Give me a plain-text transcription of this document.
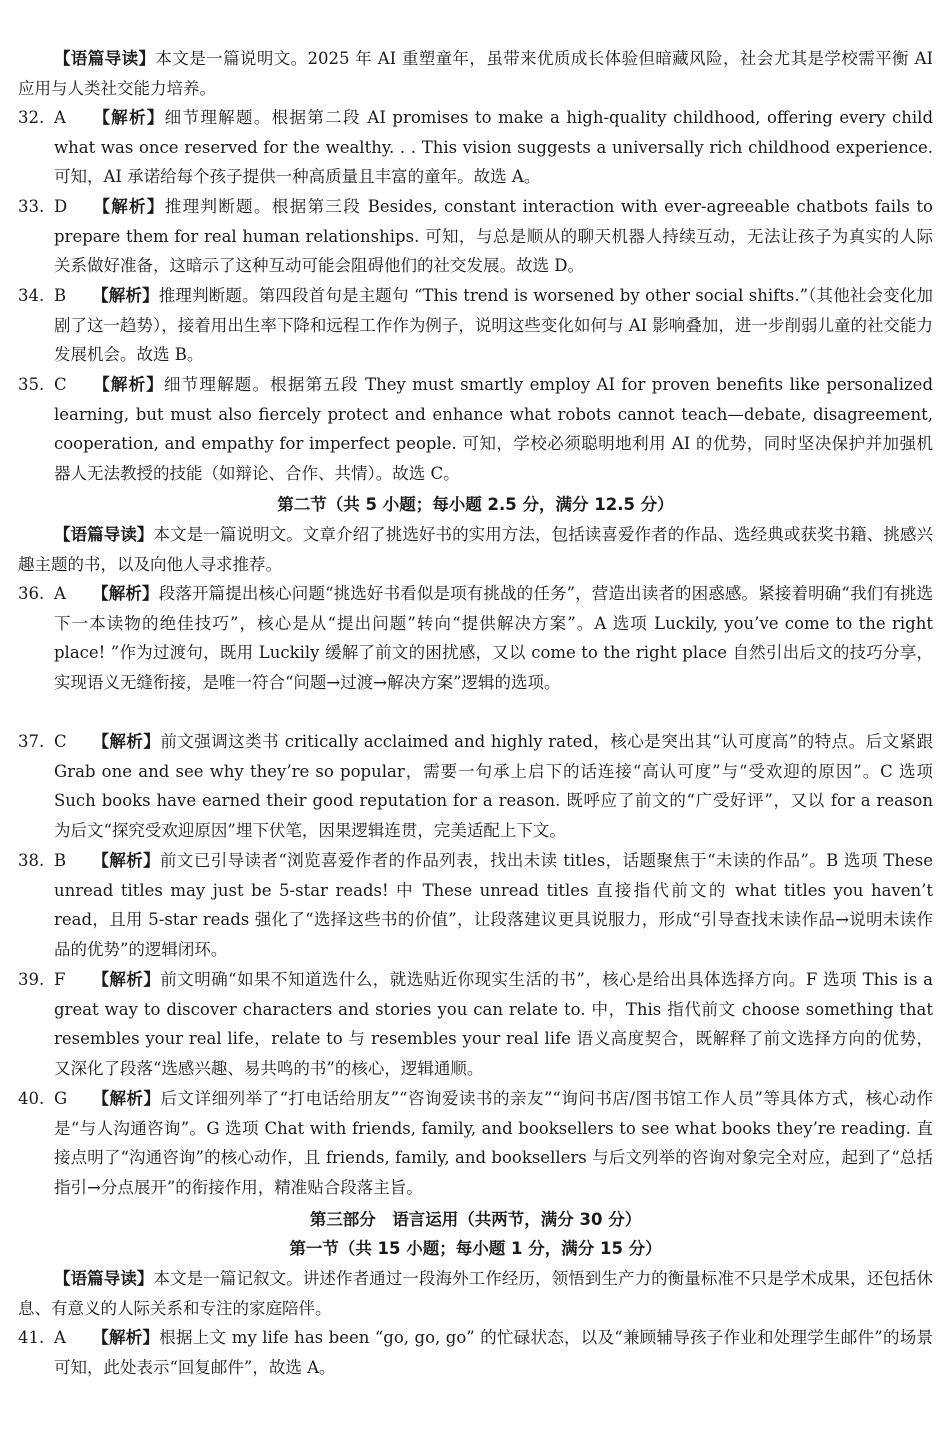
【语篇导读】本文是一篇说明文。2025 年 AI 重塑童年，虽带来优质成长体验但暗藏风险，社会尤其是学校需平衡 AI 应用与人类社交能力培养。
32. A 【解析】细节理解题。根据第二段 AI promises to make a high-quality childhood, offering every child what was once reserved for the wealthy. . . This vision suggests a universally rich childhood experience. 可知，AI 承诺给每个孩子提供一种高质量且丰富的童年。故选 A。
33. D 【解析】推理判断题。根据第三段 Besides, constant interaction with ever-agreeable chatbots fails to prepare them for real human relationships. 可知，与总是顺从的聊天机器人持续互动，无法让孩子为真实的人际关系做好准备，这暗示了这种互动可能会阻碍他们的社交发展。故选 D。
34. B 【解析】推理判断题。第四段首句是主题句 “This trend is worsened by other social shifts.”（其他社会变化加剧了这一趋势），接着用出生率下降和远程工作作为例子，说明这些变化如何与 AI 影响叠加，进一步削弱儿童的社交能力发展机会。故选 B。
35. C 【解析】细节理解题。根据第五段 They must smartly employ AI for proven benefits like personalized learning, but must also fiercely protect and enhance what robots cannot teach—debate, disagreement, cooperation, and empathy for imperfect people. 可知，学校必须聪明地利用 AI 的优势，同时坚决保护并加强机器人无法教授的技能（如辩论、合作、共情）。故选 C。
第二节（共 5 小题；每小题 2.5 分，满分 12.5 分）
【语篇导读】本文是一篇说明文。文章介绍了挑选好书的实用方法，包括读喜爱作者的作品、选经典或获奖书籍、挑感兴趣主题的书，以及向他人寻求推荐。
36. A 【解析】段落开篇提出核心问题“挑选好书看似是项有挑战的任务”，营造出读者的困惑感。紧接着明确“我们有挑选下一本读物的绝佳技巧”，核心是从“提出问题”转向“提供解决方案”。A 选项 Luckily, you’ve come to the right place! ”作为过渡句，既用 Luckily 缓解了前文的困扰感，又以 come to the right place 自然引出后文的技巧分享，实现语义无缝衔接，是唯一符合“问题→过渡→解决方案”逻辑的选项。
37. C 【解析】前文强调这类书 critically acclaimed and highly rated，核心是突出其“认可度高”的特点。后文紧跟 Grab one and see why they’re so popular，需要一句承上启下的话连接“高认可度”与“受欢迎的原因”。C 选项 Such books have earned their good reputation for a reason. 既呼应了前文的“广受好评”，又以 for a reason 为后文“探究受欢迎原因”埋下伏笔，因果逻辑连贯，完美适配上下文。
38. B 【解析】前文已引导读者“浏览喜爱作者的作品列表，找出未读 titles，话题聚焦于“未读的作品”。B 选项 These unread titles may just be 5-star reads! 中 These unread titles 直接指代前文的 what titles you haven’t read，且用 5-star reads 强化了“选择这些书的价值”，让段落建议更具说服力，形成“引导查找未读作品→说明未读作品的优势”的逻辑闭环。
39. F 【解析】前文明确“如果不知道选什么，就选贴近你现实生活的书”，核心是给出具体选择方向。F 选项 This is a great way to discover characters and stories you can relate to. 中，This 指代前文 choose something that resembles your real life，relate to 与 resembles your real life 语义高度契合，既解释了前文选择方向的优势，又深化了段落“选感兴趣、易共鸣的书”的核心，逻辑通顺。
40. G 【解析】后文详细列举了“打电话给朋友”“咨询爱读书的亲友”“询问书店/图书馆工作人员”等具体方式，核心动作是“与人沟通咨询”。G 选项 Chat with friends, family, and booksellers to see what books they’re reading. 直接点明了“沟通咨询”的核心动作，且 friends, family, and booksellers 与后文列举的咨询对象完全对应，起到了“总括指引→分点展开”的衔接作用，精准贴合段落主旨。
第三部分　语言运用（共两节，满分 30 分）
第一节（共 15 小题；每小题 1 分，满分 15 分）
【语篇导读】本文是一篇记叙文。讲述作者通过一段海外工作经历，领悟到生产力的衡量标准不只是学术成果，还包括休息、有意义的人际关系和专注的家庭陪伴。
41. A 【解析】根据上文 my life has been “go, go, go” 的忙碌状态，以及“兼顾辅导孩子作业和处理学生邮件”的场景可知，此处表示“回复邮件”，故选 A。
